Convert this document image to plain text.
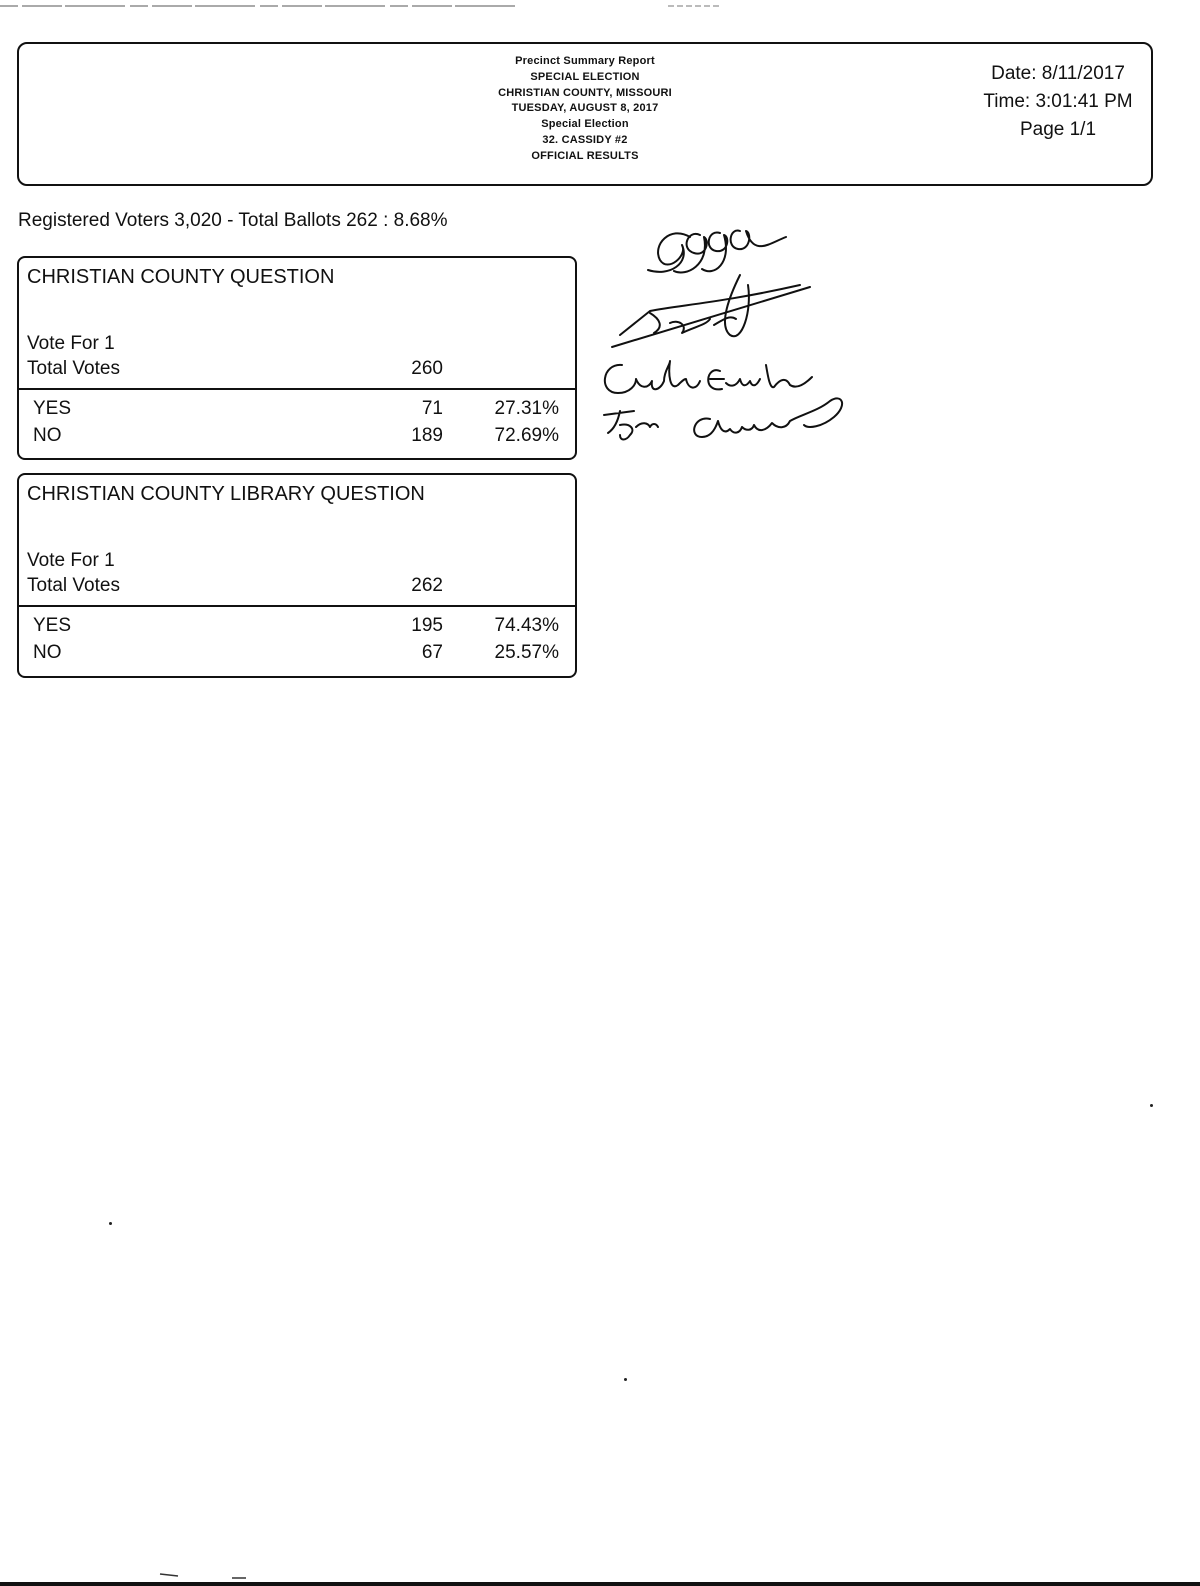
Precinct Summary Report
SPECIAL ELECTION
CHRISTIAN COUNTY, MISSOURI
TUESDAY, AUGUST 8, 2017
Special Election
32. CASSIDY #2
OFFICIAL RESULTS
Date: 8/11/2017
Time: 3:01:41 PM
Page 1/1
Registered Voters 3,020 - Total Ballots 262 : 8.68%
CHRISTIAN COUNTY QUESTION
Vote For 1
Total Votes	260
YES	71	27.31%
NO	189	72.69%
CHRISTIAN COUNTY LIBRARY QUESTION
Vote For 1
Total Votes	262
YES	195	74.43%
NO	67	25.57%
